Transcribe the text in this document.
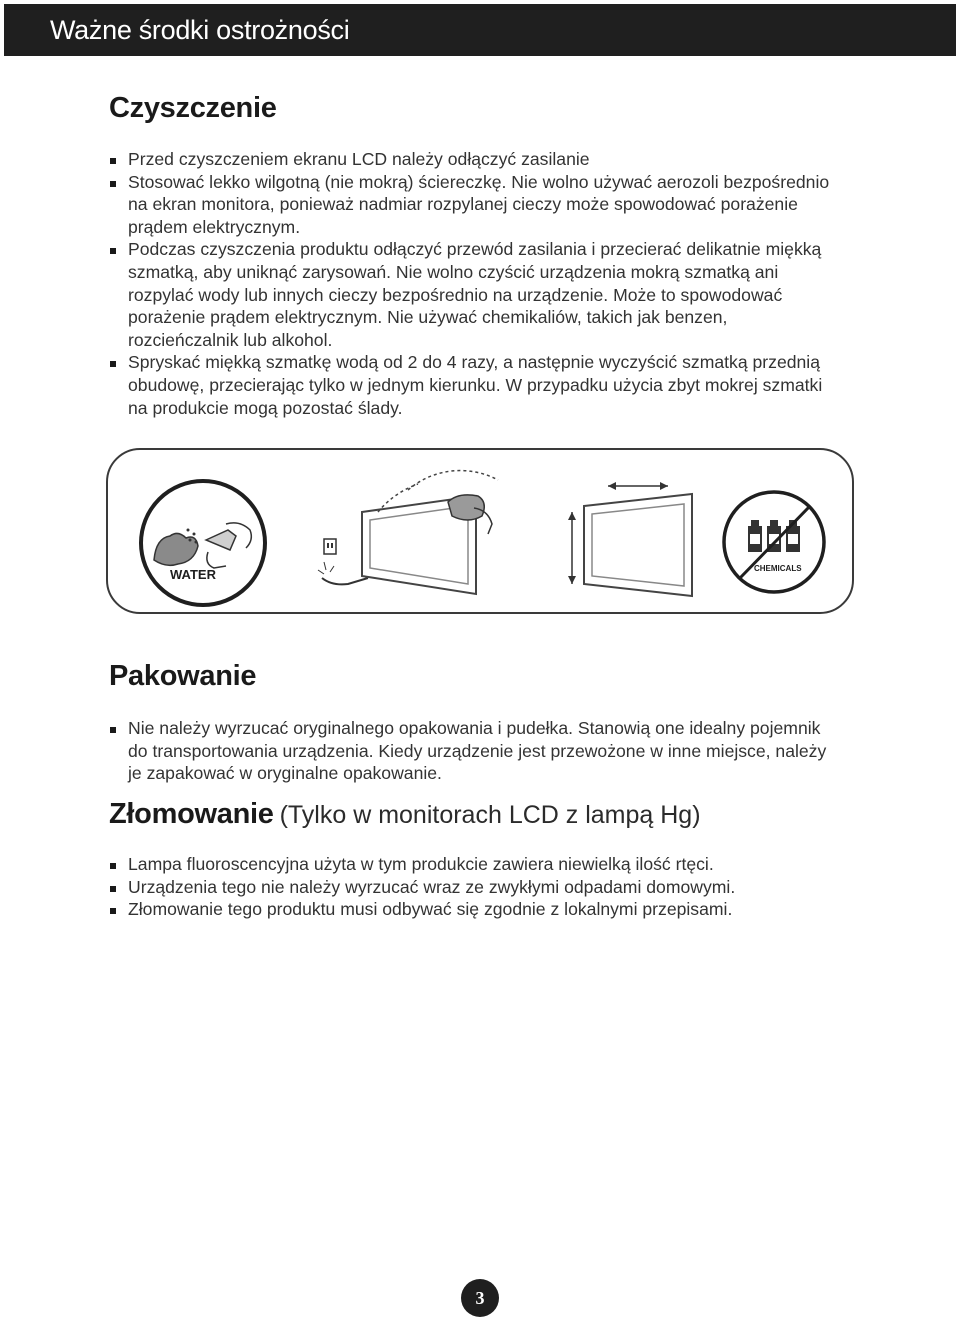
Ważne środki ostrożności
Czyszczenie
Przed czyszczeniem ekranu LCD należy odłączyć zasilanie
Stosować lekko wilgotną (nie mokrą) ściereczkę. Nie wolno używać aerozoli bezpośrednio na ekran monitora, ponieważ nadmiar rozpylanej cieczy może spowodować porażenie prądem elektrycznym.
Podczas czyszczenia produktu odłączyć przewód zasilania i przecierać delikatnie miękką szmatką, aby uniknąć zarysowań. Nie wolno czyścić urządzenia mokrą szmatką ani rozpylać wody lub innych cieczy bezpośrednio na urządzenie. Może to spowodować porażenie prądem elektrycznym. Nie używać chemikaliów, takich jak benzen, rozcieńczalnik lub alkohol.
Spryskać miękką szmatkę wodą od 2 do 4 razy, a następnie wyczyścić szmatką przednią obudowę, przecierając tylko w jednym kierunku. W przypadku użycia zbyt mokrej szmatki na produkcie mogą pozostać ślady.
WATER	CHEMICALS
Pakowanie
Nie należy wyrzucać oryginalnego opakowania i pudełka. Stanowią one idealny pojemnik do transportowania urządzenia. Kiedy urządzenie jest przewożone w inne miejsce, należy je zapakować w oryginalne opakowanie.
Złomowanie (Tylko w monitorach LCD z lampą Hg)
Lampa fluoroscencyjna użyta w tym produkcie zawiera niewielką ilość rtęci.
Urządzenia tego nie należy wyrzucać wraz ze zwykłymi odpadami domowymi.
Złomowanie tego produktu musi odbywać się zgodnie z lokalnymi przepisami.
3
